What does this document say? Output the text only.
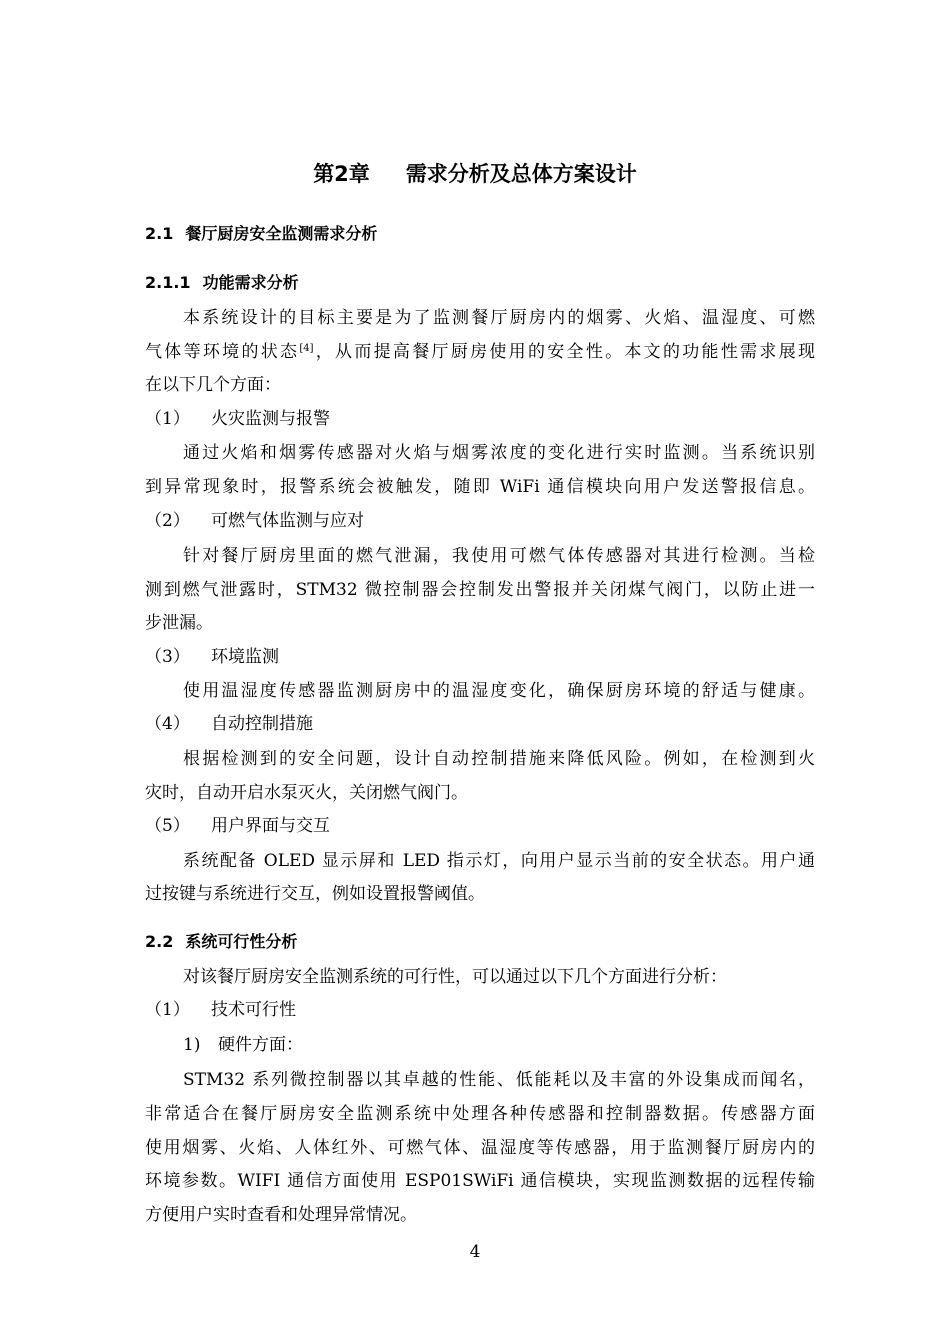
第2章 需求分析及总体方案设计
2.1 餐厅厨房安全监测需求分析
2.1.1 功能需求分析
本系统设计的目标主要是为了监测餐厅厨房内的烟雾、火焰、温湿度、可燃
气体等环境的状态[4]，从而提高餐厅厨房使用的安全性。本文的功能性需求展现
在以下几个方面：
（1） 火灾监测与报警
通过火焰和烟雾传感器对火焰与烟雾浓度的变化进行实时监测。当系统识别
到异常现象时，报警系统会被触发，随即 WiFi 通信模块向用户发送警报信息。
（2） 可燃气体监测与应对
针对餐厅厨房里面的燃气泄漏，我使用可燃气体传感器对其进行检测。当检
测到燃气泄露时，STM32 微控制器会控制发出警报并关闭煤气阀门，以防止进一
步泄漏。
（3） 环境监测
使用温湿度传感器监测厨房中的温湿度变化，确保厨房环境的舒适与健康。
（4） 自动控制措施
根据检测到的安全问题，设计自动控制措施来降低风险。例如，在检测到火
灾时，自动开启水泵灭火，关闭燃气阀门。
（5） 用户界面与交互
系统配备 OLED 显示屏和 LED 指示灯，向用户显示当前的安全状态。用户通
过按键与系统进行交互，例如设置报警阈值。
2.2 系统可行性分析
对该餐厅厨房安全监测系统的可行性，可以通过以下几个方面进行分析：
（1） 技术可行性
1) 硬件方面：
STM32 系列微控制器以其卓越的性能、低能耗以及丰富的外设集成而闻名，
非常适合在餐厅厨房安全监测系统中处理各种传感器和控制器数据。传感器方面
使用烟雾、火焰、人体红外、可燃气体、温湿度等传感器，用于监测餐厅厨房内的
环境参数。WIFI 通信方面使用 ESP01SWiFi 通信模块，实现监测数据的远程传输
方便用户实时查看和处理异常情况。
4
